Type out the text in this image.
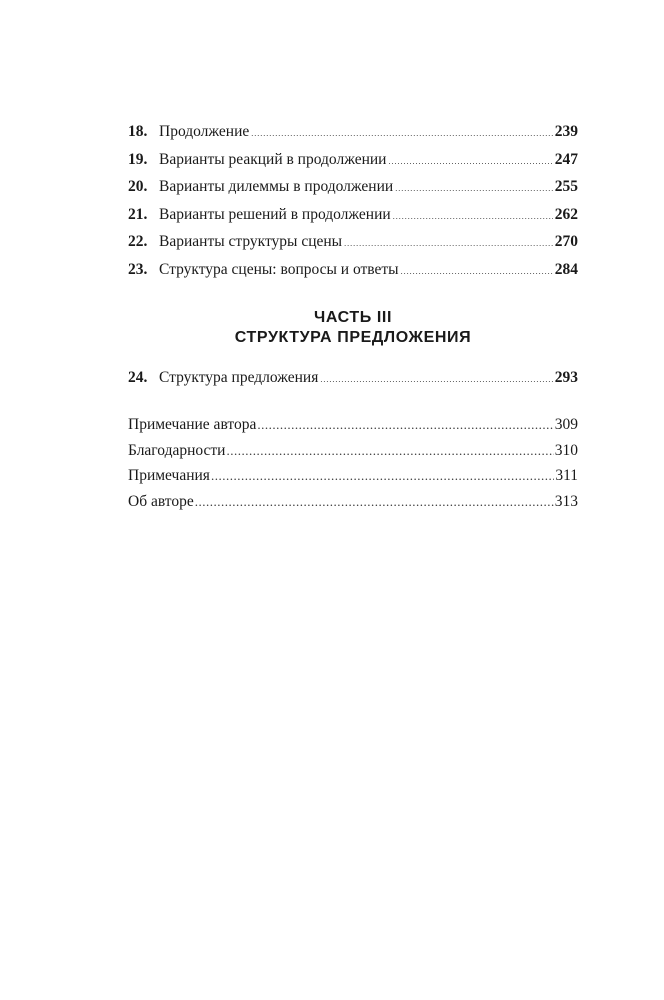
18. Продолжение .....	239
19. Варианты реакций в продолжении .....	247
20. Варианты дилеммы в продолжении .....	255
21. Варианты решений в продолжении .....	262
22. Варианты структуры сцены .....	270
23. Структура сцены: вопросы и ответы .....	284
ЧАСТЬ III
СТРУКТУРА ПРЕДЛОЖЕНИЯ
24. Структура предложения .....	293
Примечание автора .....	309
Благодарности .....	310
Примечания .....	311
Об авторе .....	313
